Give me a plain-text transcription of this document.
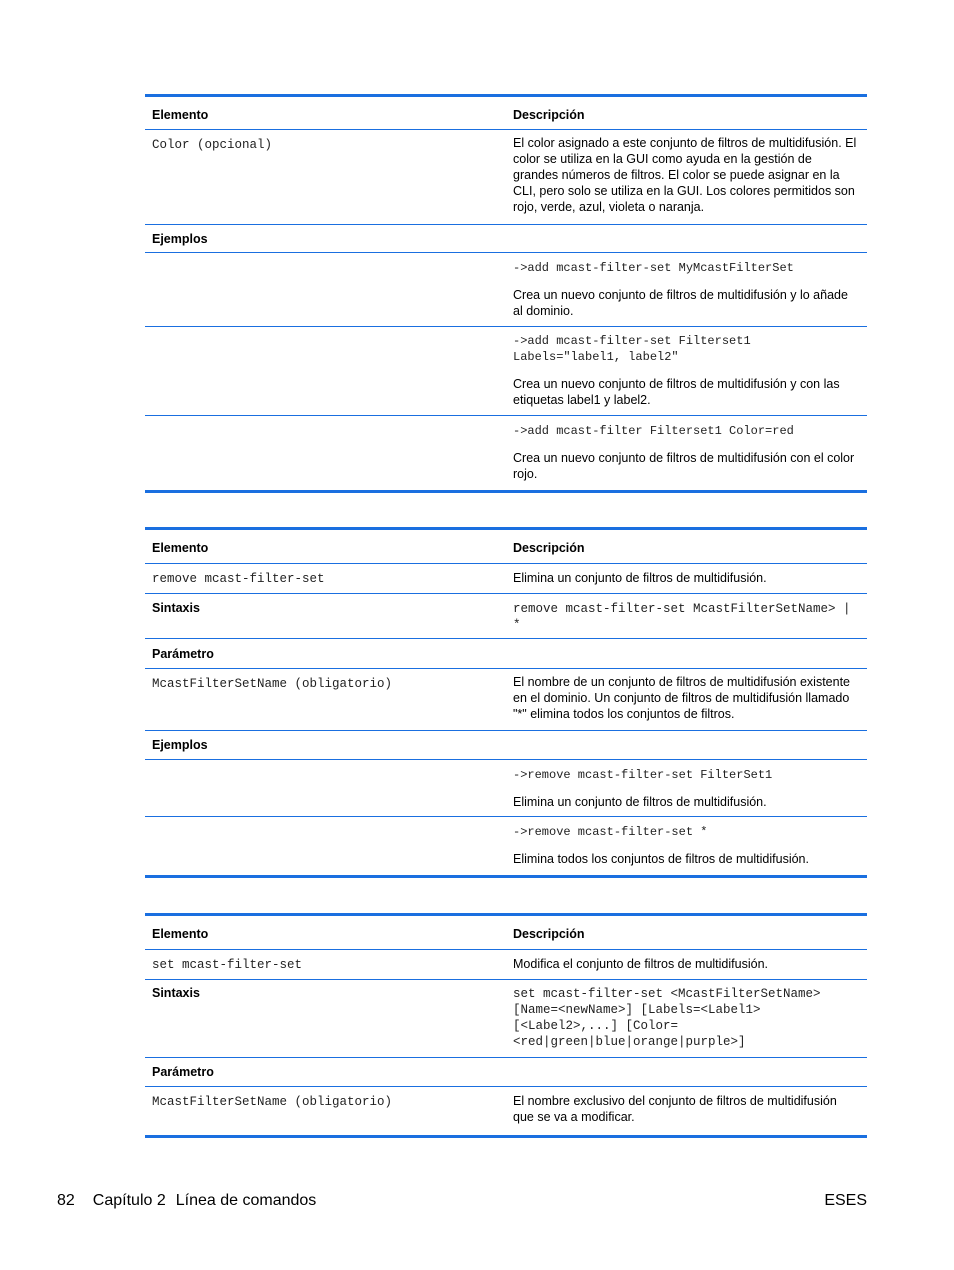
Elemento	Descripción
Color (opcional)	El color asignado a este conjunto de filtros de multidifusión. El color se utiliza en la GUI como ayuda en la gestión de grandes números de filtros. El color se puede asignar en la CLI, pero solo se utiliza en la GUI. Los colores permitidos son rojo, verde, azul, violeta o naranja.
Ejemplos	

	->add mcast-filter-set MyMcastFilterSet

Crea un nuevo conjunto de filtros de multidifusión y lo añade al dominio.

	->add mcast-filter-set Filterset1 Labels="label1, label2"

Crea un nuevo conjunto de filtros de multidifusión y con las etiquetas label1 y label2.

	->add mcast-filter Filterset1 Color=red

Crea un nuevo conjunto de filtros de multidifusión con el color rojo.

Elemento	Descripción
remove mcast-filter-set	Elimina un conjunto de filtros de multidifusión.
Sintaxis	remove mcast-filter-set McastFilterSetName> | *
Parámetro	
McastFilterSetName (obligatorio)	El nombre de un conjunto de filtros de multidifusión existente en el dominio. Un conjunto de filtros de multidifusión llamado "*" elimina todos los conjuntos de filtros.
Ejemplos	

	->remove mcast-filter-set FilterSet1

Elimina un conjunto de filtros de multidifusión.

	->remove mcast-filter-set *

Elimina todos los conjuntos de filtros de multidifusión.

Elemento	Descripción
set mcast-filter-set	Modifica el conjunto de filtros de multidifusión.
Sintaxis	set mcast-filter-set <McastFilterSetName> [Name=<newName>] [Labels=<Label1>[<Label2>,...] [Color=<red|green|blue|orange|purple>]
Parámetro	
McastFilterSetName (obligatorio)	El nombre exclusivo del conjunto de filtros de multidifusión que se va a modificar.
82 Capítulo 2 Línea de comandos	ESES
